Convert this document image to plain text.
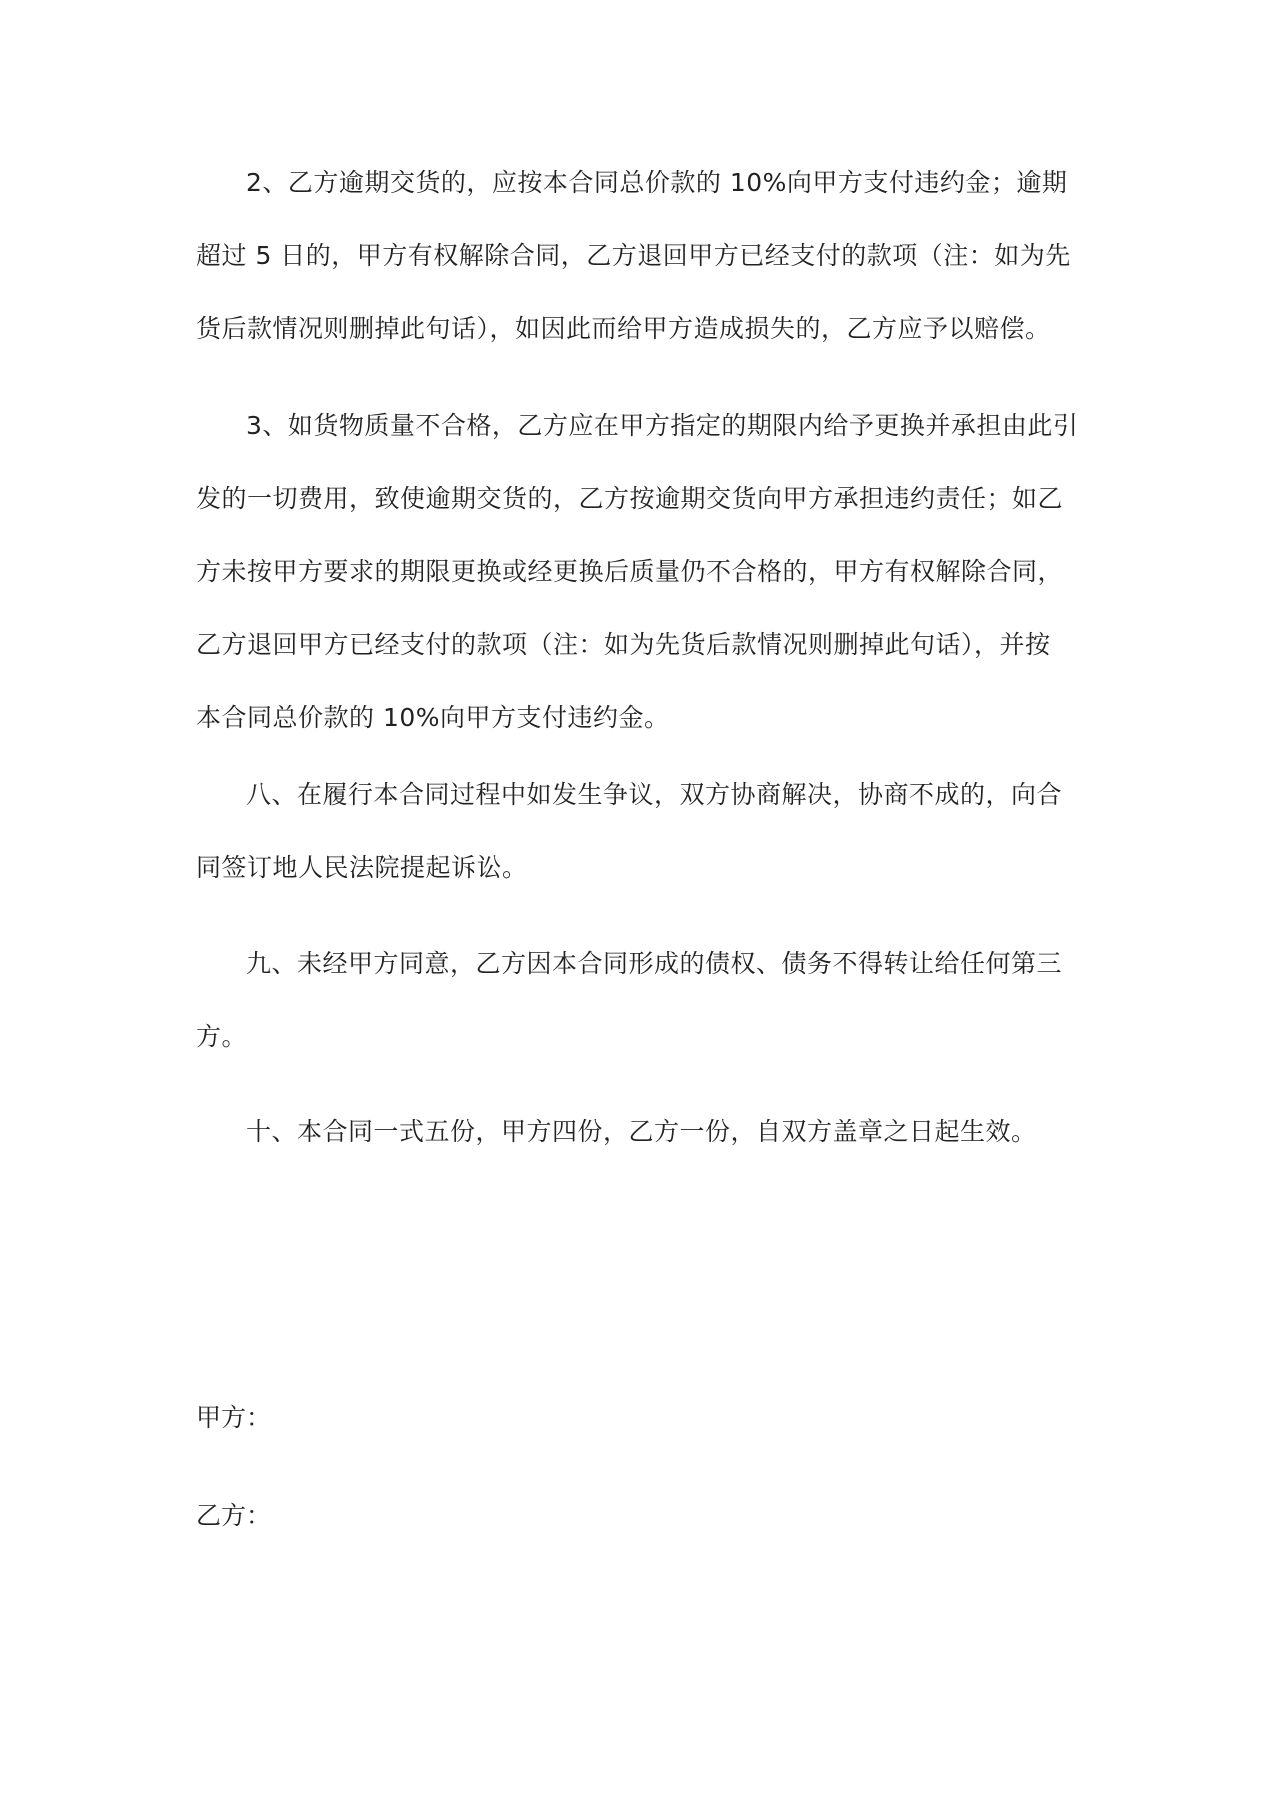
2、乙方逾期交货的，应按本合同总价款的 10%向甲方支付违约金；逾期
超过 5 日的，甲方有权解除合同，乙方退回甲方已经支付的款项（注：如为先
货后款情况则删掉此句话），如因此而给甲方造成损失的，乙方应予以赔偿。

3、如货物质量不合格，乙方应在甲方指定的期限内给予更换并承担由此引
发的一切费用，致使逾期交货的，乙方按逾期交货向甲方承担违约责任；如乙
方未按甲方要求的期限更换或经更换后质量仍不合格的，甲方有权解除合同，
乙方退回甲方已经支付的款项（注：如为先货后款情况则删掉此句话），并按
本合同总价款的 10%向甲方支付违约金。

八、在履行本合同过程中如发生争议，双方协商解决，协商不成的，向合
同签订地人民法院提起诉讼。

九、未经甲方同意，乙方因本合同形成的债权、债务不得转让给任何第三
方。

十、本合同一式五份，甲方四份，乙方一份，自双方盖章之日起生效。

甲方：

乙方：
